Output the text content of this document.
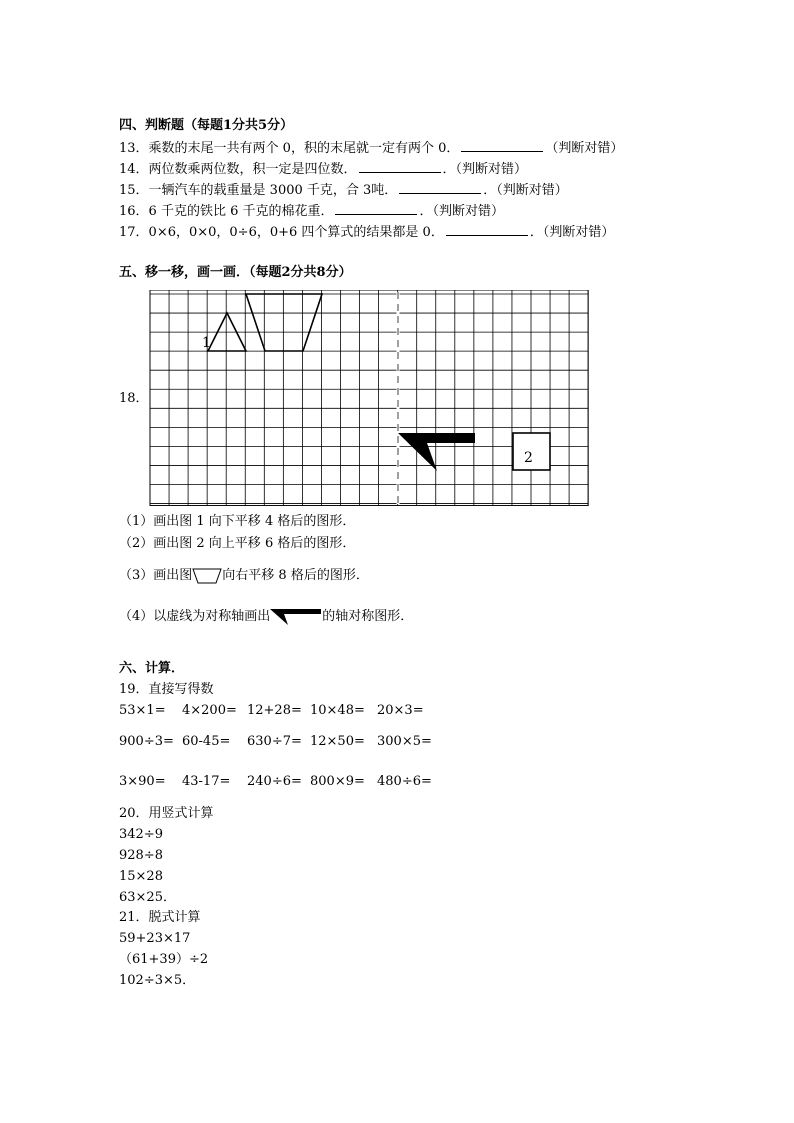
四、判断题（每题1分共5分）
13．乘数的末尾一共有两个 0，积的末尾就一定有两个 0．	（判断对错）
14．两位数乘两位数，积一定是四位数．	．（判断对错）
15．一辆汽车的载重量是 3000 千克，合 3吨．	．（判断对错）
16．6 千克的铁比 6 千克的棉花重．	．（判断对错）
17．0×6，0×0，0÷6，0+6 四个算式的结果都是 0．	．（判断对错）
五、移一移，画一画．（每题2分共8分）
18．
1
2
（1）画出图 1 向下平移 4 格后的图形．
（2）画出图 2 向上平移 6 格后的图形．
（3）画出图 向右平移 8 格后的图形．
（4）以虚线为对称轴画出	的轴对称图形．
六、计算．
19．直接写得数
53×1= 4×200= 12+28= 10×48= 20×3=
900÷3= 60-45= 630÷7= 12×50= 300×5=
3×90= 43-17= 240÷6= 800×9= 480÷6=
20．用竖式计算
342÷9
928÷8
15×28
63×25．
21．脱式计算
59+23×17
（61+39）÷2
102÷3×5．
